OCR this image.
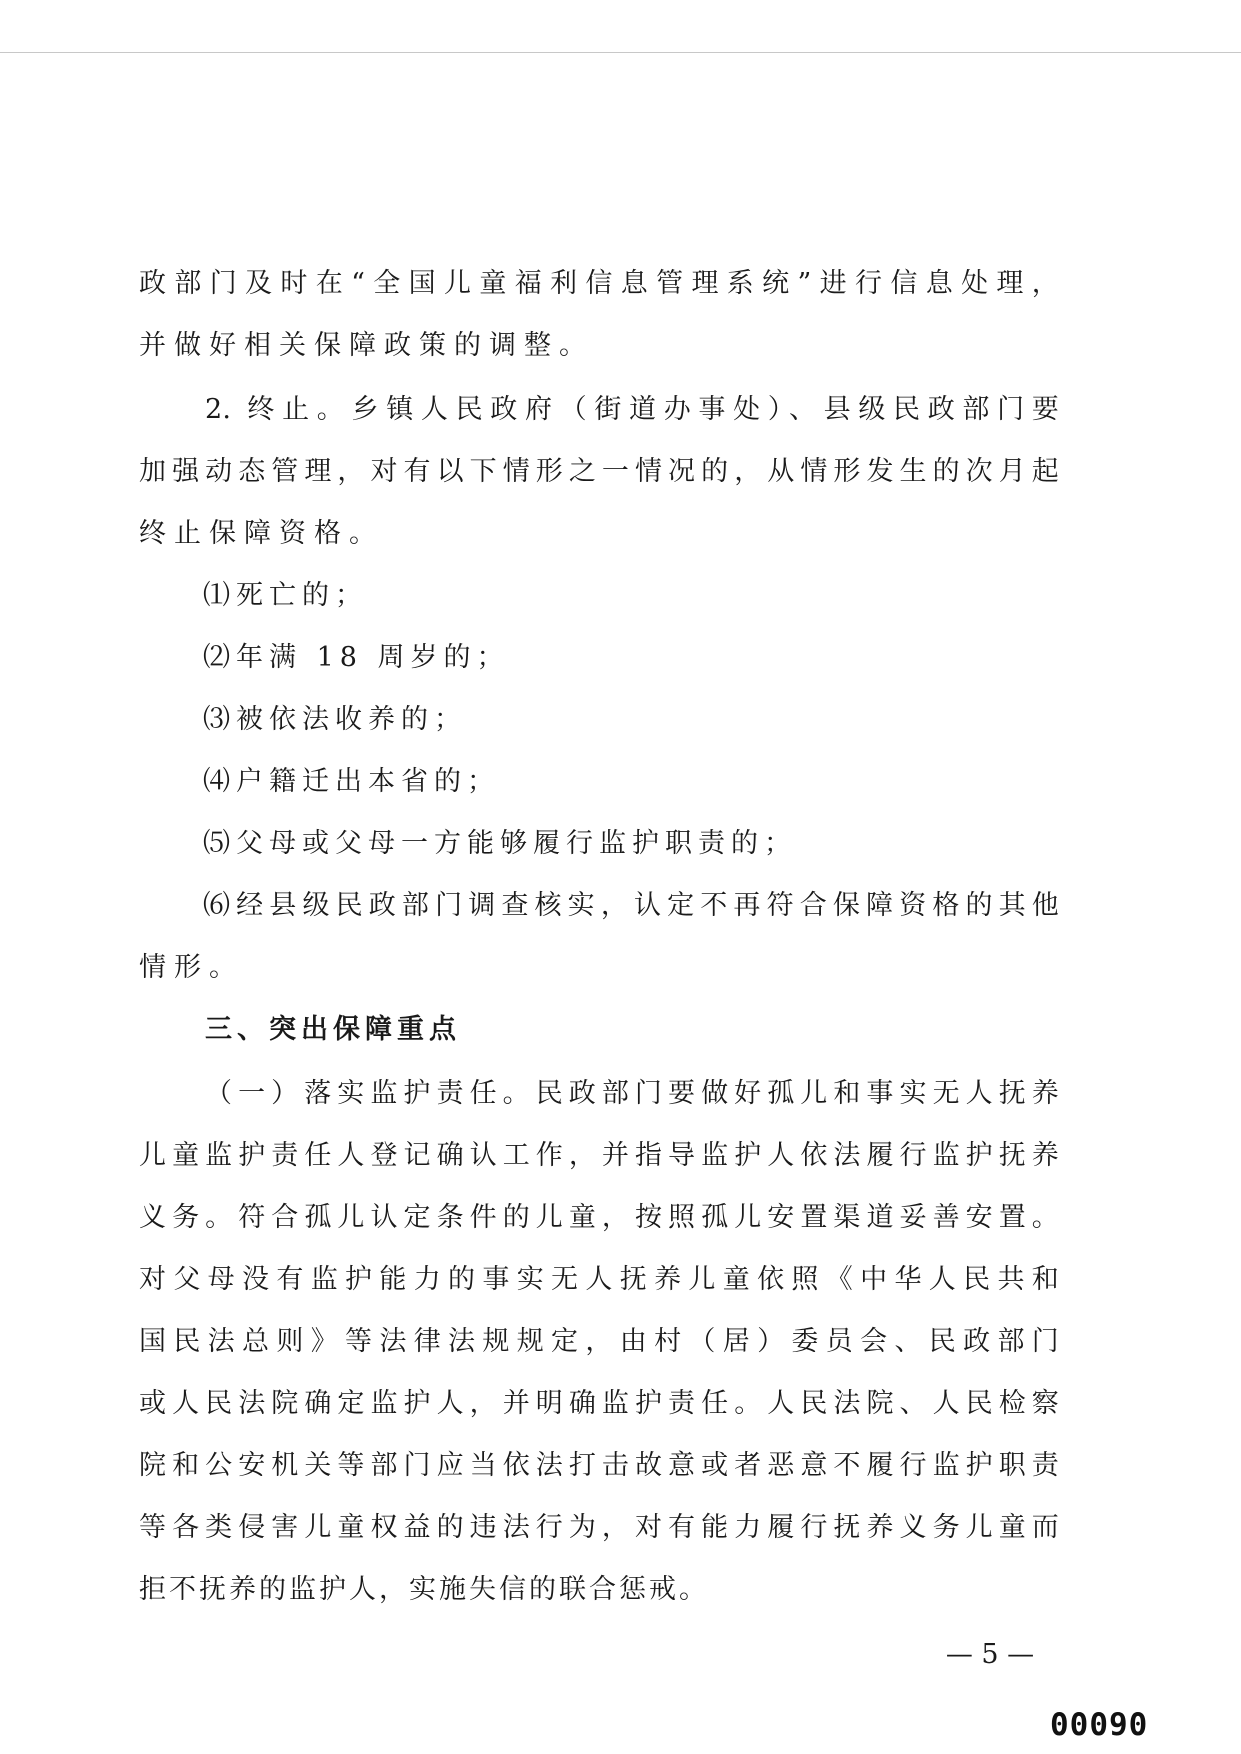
政部门及时在“全国儿童福利信息管理系统”进行信息处理，
并做好相关保障政策的调整。
2. 终止。乡镇人民政府（街道办事处）、县级民政部门要
加强动态管理，对有以下情形之一情况的，从情形发生的次月起
终止保障资格。
⑴死亡的；
⑵年满 18 周岁的；
⑶被依法收养的；
⑷户籍迁出本省的；
⑸父母或父母一方能够履行监护职责的；
⑹经县级民政部门调查核实，认定不再符合保障资格的其他
情形。
三、突出保障重点
（一）落实监护责任。民政部门要做好孤儿和事实无人抚养
儿童监护责任人登记确认工作，并指导监护人依法履行监护抚养
义务。符合孤儿认定条件的儿童，按照孤儿安置渠道妥善安置。
对父母没有监护能力的事实无人抚养儿童依照《中华人民共和
国民法总则》等法律法规规定，由村（居）委员会、民政部门
或人民法院确定监护人，并明确监护责任。人民法院、人民检察
院和公安机关等部门应当依法打击故意或者恶意不履行监护职责
等各类侵害儿童权益的违法行为，对有能力履行抚养义务儿童而
拒不抚养的监护人，实施失信的联合惩戒。
— 5 —
00090
